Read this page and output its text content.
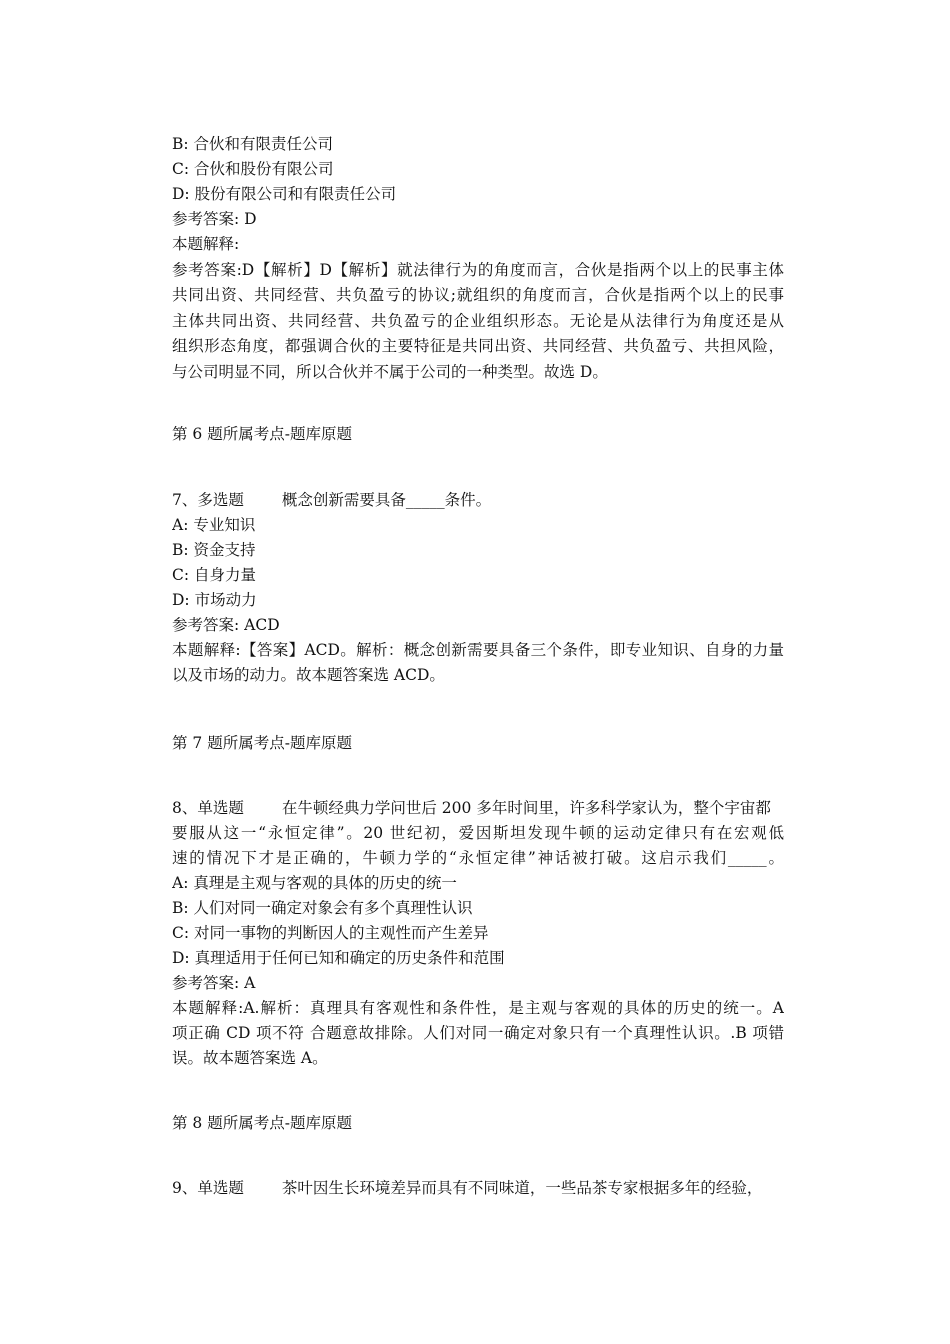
B: 合伙和有限责任公司
C: 合伙和股份有限公司
D: 股份有限公司和有限责任公司
参考答案: D
本题解释:
参考答案:D【解析】D【解析】就法律行为的角度而言，合伙是指两个以上的民事主体
共同出资、共同经营、共负盈亏的协议;就组织的角度而言，合伙是指两个以上的民事
主体共同出资、共同经营、共负盈亏的企业组织形态。无论是从法律行为角度还是从
组织形态角度，都强调合伙的主要特征是共同出资、共同经营、共负盈亏、共担风险，
与公司明显不同，所以合伙并不属于公司的一种类型。故选 D。
第 6 题所属考点-题库原题
7、多选题 概念创新需要具备_____条件。
A: 专业知识
B: 资金支持
C: 自身力量
D: 市场动力
参考答案: ACD
本题解释:【答案】ACD。解析：概念创新需要具备三个条件，即专业知识、自身的力量
以及市场的动力。故本题答案选 ACD。
第 7 题所属考点-题库原题
8、单选题 在牛顿经典力学问世后 200 多年时间里，许多科学家认为，整个宇宙都
要服从这一“永恒定律”。20 世纪初，爱因斯坦发现牛顿的运动定律只有在宏观低
速的情况下才是正确的，牛顿力学的“永恒定律”神话被打破。这启示我们_____。
A: 真理是主观与客观的具体的历史的统一
B: 人们对同一确定对象会有多个真理性认识
C: 对同一事物的判断因人的主观性而产生差异
D: 真理适用于任何已知和确定的历史条件和范围
参考答案: A
本题解释:A.解析：真理具有客观性和条件性，是主观与客观的具体的历史的统一。A
项正确 CD 项不符 合题意故排除。人们对同一确定对象只有一个真理性认识。.B 项错
误。故本题答案选 A。
第 8 题所属考点-题库原题
9、单选题 茶叶因生长环境差异而具有不同味道，一些品茶专家根据多年的经验，
